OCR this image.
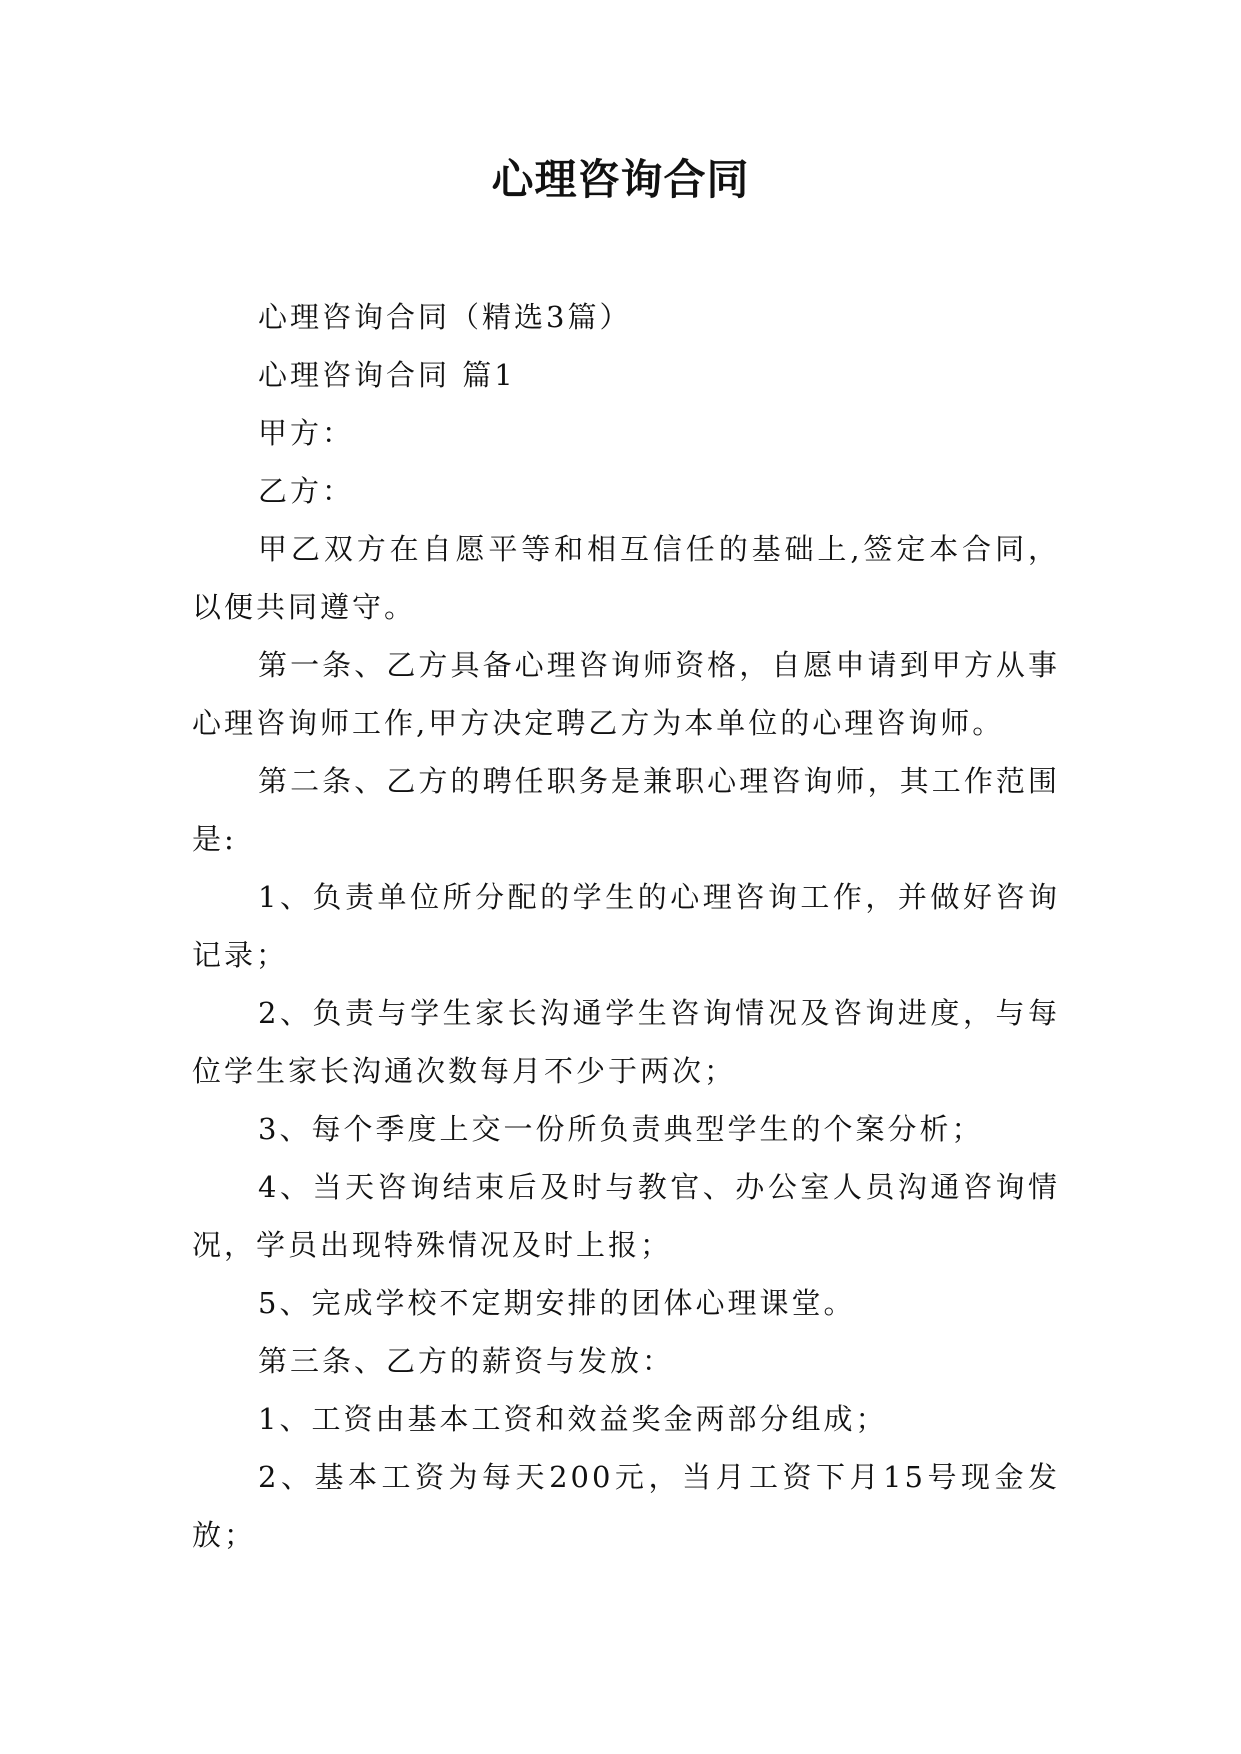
心理咨询合同

心理咨询合同（精选3篇）

心理咨询合同 篇1

甲方：

乙方：

甲乙双方在自愿平等和相互信任的基础上,签定本合同，以便共同遵守。

第一条、乙方具备心理咨询师资格，自愿申请到甲方从事心理咨询师工作,甲方决定聘乙方为本单位的心理咨询师。

第二条、乙方的聘任职务是兼职心理咨询师，其工作范围是:

1、负责单位所分配的学生的心理咨询工作，并做好咨询记录；

2、负责与学生家长沟通学生咨询情况及咨询进度，与每位学生家长沟通次数每月不少于两次；

3、每个季度上交一份所负责典型学生的个案分析；

4、当天咨询结束后及时与教官、办公室人员沟通咨询情况，学员出现特殊情况及时上报；

5、完成学校不定期安排的团体心理课堂。

第三条、乙方的薪资与发放：

1、工资由基本工资和效益奖金两部分组成；

2、基本工资为每天200元，当月工资下月15号现金发放；
